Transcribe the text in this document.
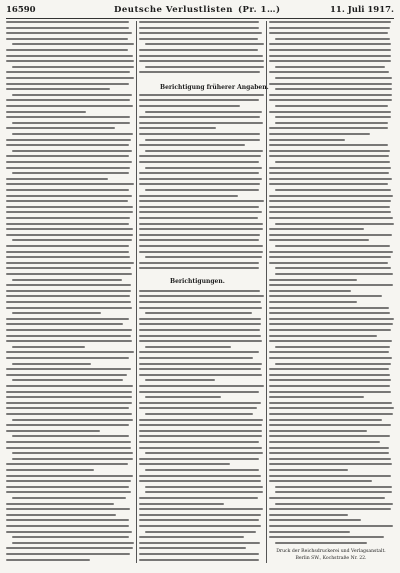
16590	Deutsche Verlustlisten (Pr. 1…)	11. Juli 1917.
Berichtigung früherer Angaben.
Berichtigungen.
Druck der Reichsdruckerei und Verlagsanstalt.
Berlin SW., Kochstraße Nr. 22.
